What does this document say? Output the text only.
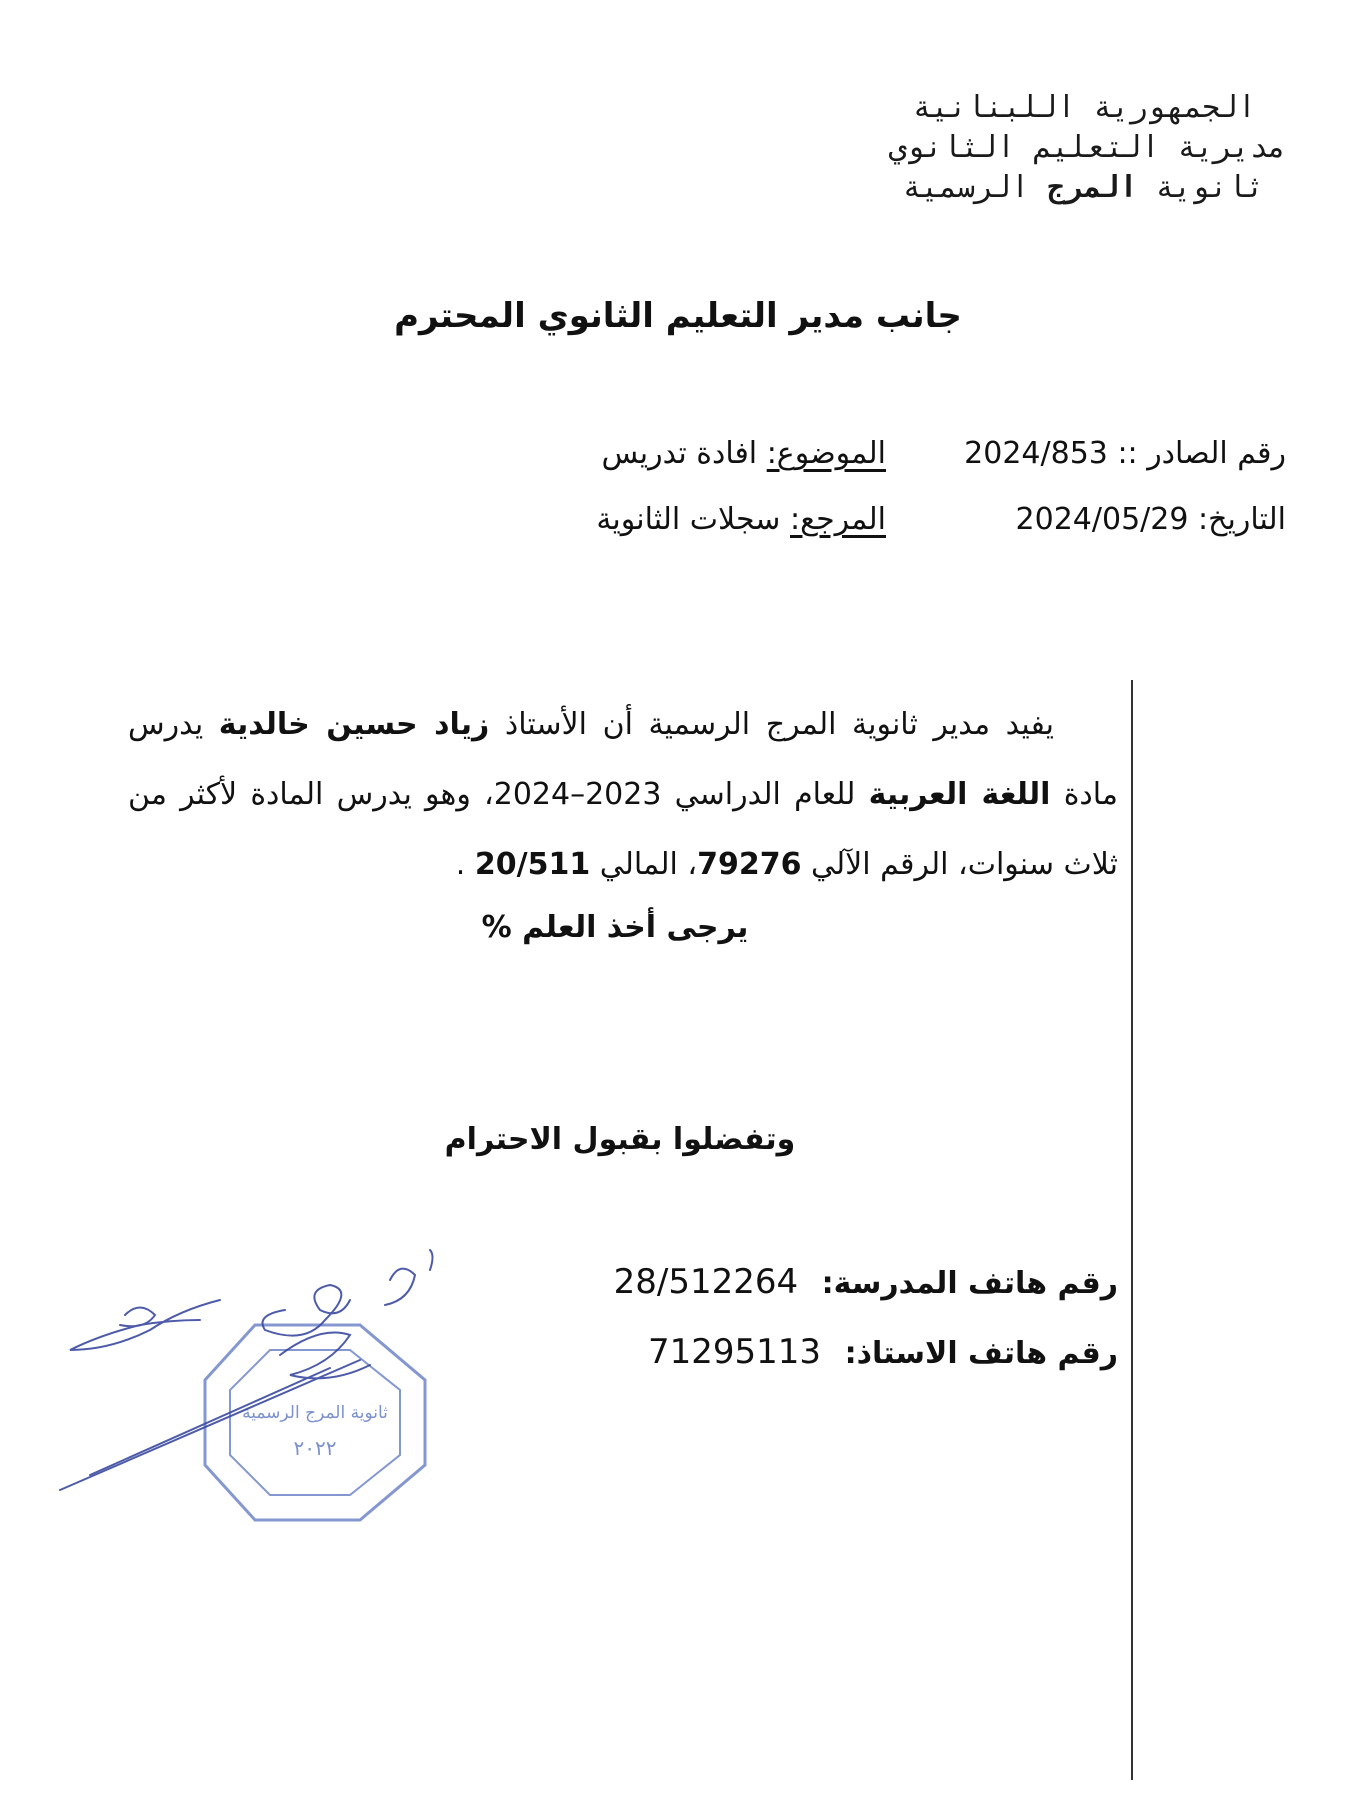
الجمهورية اللبنانية
مديرية التعليم الثانوي
ثانوية المرج الرسمية
جانب مدير التعليم الثانوي المحترم
رقم الصادر :: 2024/853
الموضوع: افادة تدريس
التاريخ: 2024/05/29
المرجع: سجلات الثانوية
يفيد مدير ثانوية المرج الرسمية أن الأستاذ زياد حسين خالدية يدرس مادة اللغة العربية للعام الدراسي 2023–2024، وهو يدرس المادة لأكثر من ثلاث سنوات، الرقم الآلي 79276، المالي 20/511 .
يرجى أخذ العلم %
وتفضلوا بقبول الاحترام
رقم هاتف المدرسة: 28/512264
رقم هاتف الاستاذ: 71295113
ثانوية المرج الرسمية
٢٠٢٢
